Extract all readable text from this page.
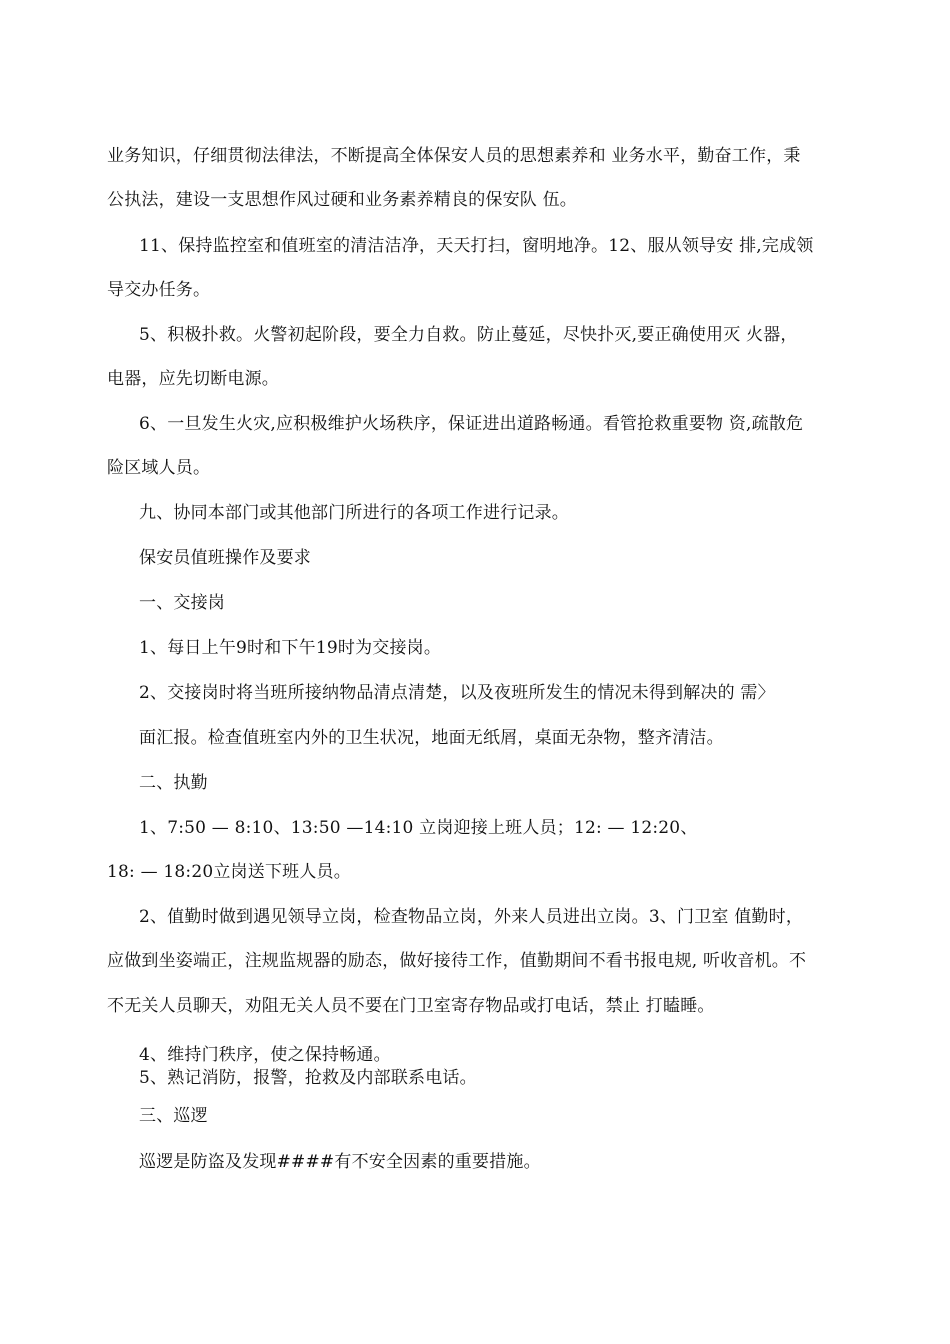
业务知识，仔细贯彻法律法，不断提高全体保安人员的思想素养和 业务水平，勤奋工作，秉
公执法，建设一支思想作风过硬和业务素养精良的保安队 伍。
11、保持监控室和值班室的清洁洁净，天天打扫，窗明地净。12、服从领导安 排,完成领
导交办任务。
5、积极扑救。火警初起阶段，要全力自救。防止蔓延，尽快扑灭,要正确使用灭 火器，
电器，应先切断电源。
6、一旦发生火灾,应积极维护火场秩序，保证进出道路畅通。看管抢救重要物 资,疏散危
险区域人员。
九、协同本部门或其他部门所进行的各项工作进行记录。
保安员值班操作及要求
一、交接岗
1、每日上午9时和下午19时为交接岗。
2、交接岗时将当班所接纳物品清点清楚，以及夜班所发生的情况未得到解决的 需〉
面汇报。检查值班室内外的卫生状况，地面无纸屑，桌面无杂物，整齐清洁。
二、执勤
1、7:50 — 8:10、13:50 —14:10 立岗迎接上班人员；12: — 12:20、
18: — 18:20立岗送下班人员。
2、值勤时做到遇见领导立岗，检查物品立岗，外来人员进出立岗。3、门卫室 值勤时，
应做到坐姿端正，注规监规器的励态，做好接待工作，值勤期间不看书报电规, 听收音机。不
不无关人员聊天，劝阻无关人员不要在门卫室寄存物品或打电话，禁止 打瞌睡。
4、维持门秩序，使之保持畅通。
5、熟记消防，报警，抢救及内部联系电话。
三、巡逻
巡逻是防盗及发现####有不安全因素的重要措施。
